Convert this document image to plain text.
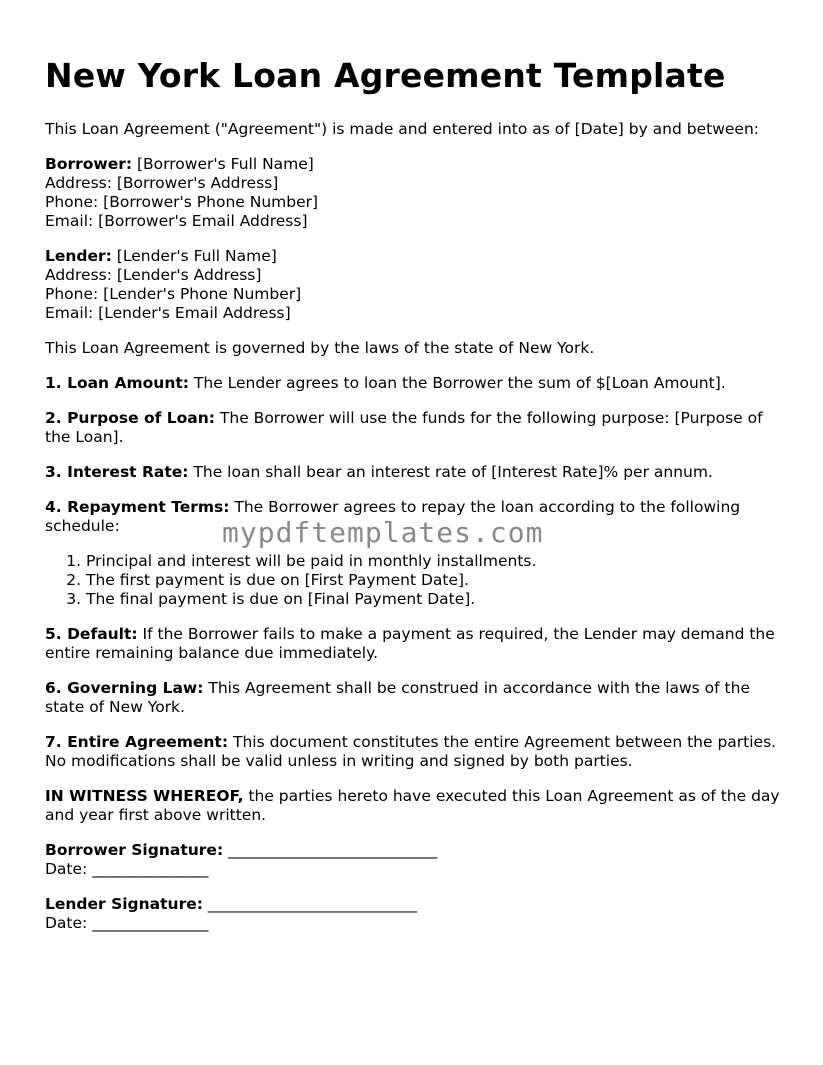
New York Loan Agreement Template

This Loan Agreement ("Agreement") is made and entered into as of [Date] by and between:

Borrower: [Borrower's Full Name]
Address: [Borrower's Address]
Phone: [Borrower's Phone Number]
Email: [Borrower's Email Address]
Lender: [Lender's Full Name]
Address: [Lender's Address]
Phone: [Lender's Phone Number]
Email: [Lender's Email Address]

This Loan Agreement is governed by the laws of the state of New York.

1. Loan Amount: The Lender agrees to loan the Borrower the sum of $[Loan Amount].

2. Purpose of Loan: The Borrower will use the funds for the following purpose: [Purpose of the Loan].

3. Interest Rate: The loan shall bear an interest rate of [Interest Rate]% per annum.

4. Repayment Terms: The Borrower agrees to repay the loan according to the following schedule:

1. Principal and interest will be paid in monthly installments.
2. The first payment is due on [First Payment Date].
3. The final payment is due on [Final Payment Date].

5. Default: If the Borrower fails to make a payment as required, the Lender may demand the entire remaining balance due immediately.

6. Governing Law: This Agreement shall be construed in accordance with the laws of the state of New York.

7. Entire Agreement: This document constitutes the entire Agreement between the parties. No modifications shall be valid unless in writing and signed by both parties.

IN WITNESS WHEREOF, the parties hereto have executed this Loan Agreement as of the day and year first above written.

Borrower Signature: ___________________________
Date: _______________
Lender Signature: ___________________________
Date: _______________
mypdftemplates.com
